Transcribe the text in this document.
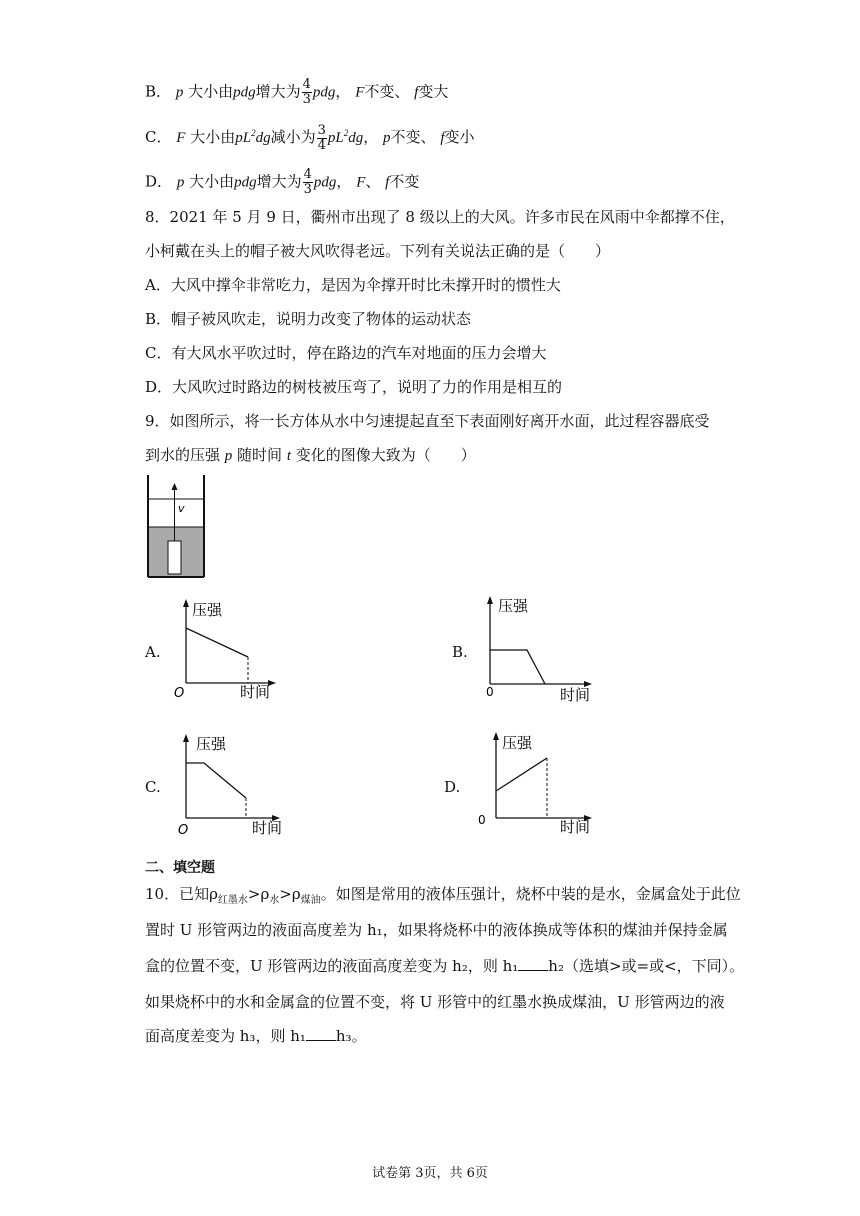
B． p 大小由pdg增大为 $\frac{4}{3}$ pdg， F不变、 f变大
C． F 大小由$pL^2dg$减小为 $\frac{3}{4} pL^2dg$， p不变、 f变小
D． p 大小由pdg增大为 $\frac{4}{3}$ pdg， F、 f不变
8．2021 年 5 月 9 日，衢州市出现了 8 级以上的大风。许多市民在风雨中伞都撑不住，
小柯戴在头上的帽子被大风吹得老远。下列有关说法正确的是（　　）
A．大风中撑伞非常吃力，是因为伞撑开时比未撑开时的惯性大
B．帽子被风吹走，说明力改变了物体的运动状态
C．有大风水平吹过时，停在路边的汽车对地面的压力会增大
D．大风吹过时路边的树枝被压弯了，说明了力的作用是相互的
9．如图所示，将一长方体从水中匀速提起直至下表面刚好离开水面，此过程容器底受
到水的压强 p 随时间 t 变化的图像大致为（　　）
v
A.
压强
时间
O
B.
压强
时间
0
C.
压强
时间
O
D.
压强
时间
0
二、填空题
10．已知$\rho_{红墨水}>\rho_水>\rho_{煤油}$。如图是常用的液体压强计，烧杯中装的是水，金属盒处于此位
置时 U 形管两边的液面高度差为 h₁，如果将烧杯中的液体换成等体积的煤油并保持金属
盒的位置不变，U 形管两边的液面高度差变为 h₂，则 h₁ h₂（选填>或=或<，下同）。
如果烧杯中的水和金属盒的位置不变，将 U 形管中的红墨水换成煤油，U 形管两边的液
面高度差变为 h₃，则 h₁ h₃。
试卷第 3页，共 6页
